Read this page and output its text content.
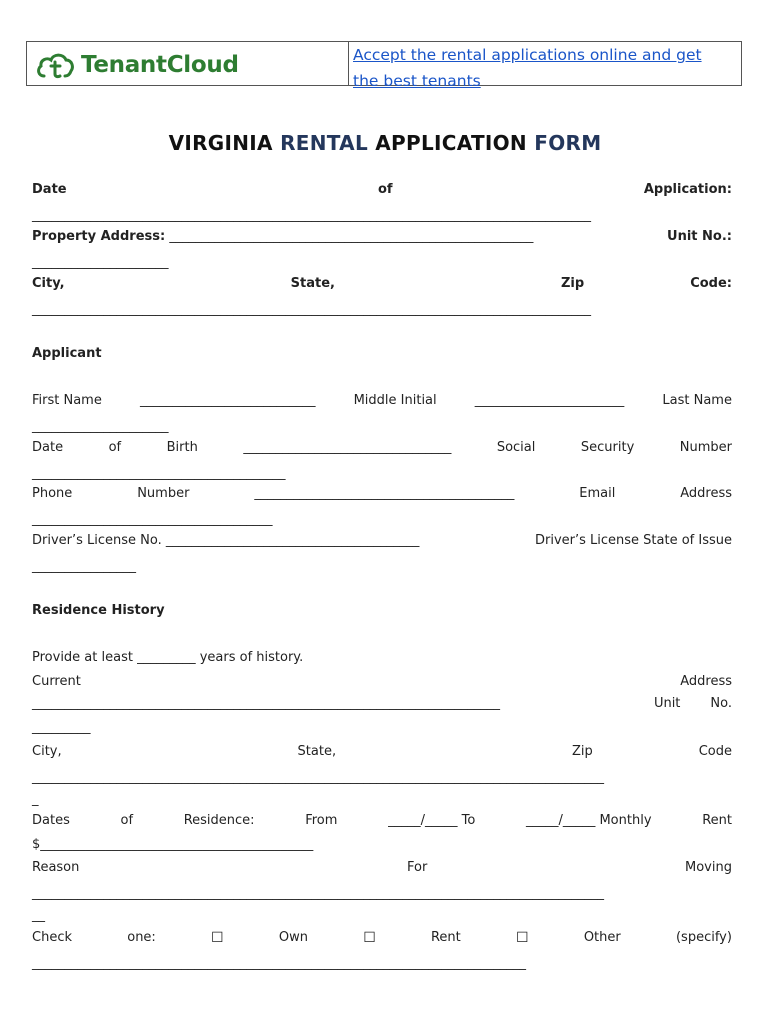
TenantCloud	Accept the rental applications online and get
the best tenants
VIRGINIA RENTAL APPLICATION FORM
Date	of	Application:
______________________________________________________________________________________
Property Address: ________________________________________________________	Unit No.:
_____________________
City,	State,	Zip	Code:
______________________________________________________________________________________
Applicant
First Name	___________________________	Middle Initial	_______________________	Last Name
_____________________
Date	of	Birth	________________________________	Social	Security	Number
_______________________________________
Phone	Number	________________________________________	Email	Address
_____________________________________
Driver’s License No. _______________________________________	Driver’s License State of Issue
________________
Residence History
Provide at least _________ years of history.
Current	Address
________________________________________________________________________	Unit No.
_________
City,	State,	Zip	Code
________________________________________________________________________________________
_
Dates	of	Residence:	From	_____/_____ To	_____/_____ Monthly	Rent
$__________________________________________
Reason	For	Moving
________________________________________________________________________________________
__
Check	one:	☐	Own	☐	Rent	☐	Other	(specify)
____________________________________________________________________________
